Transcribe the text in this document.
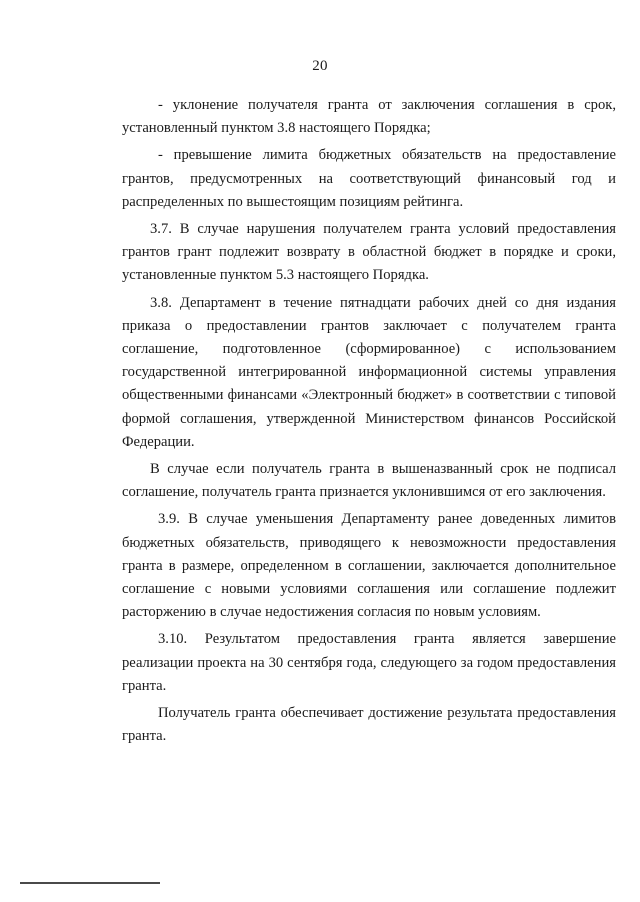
20

- уклонение получателя гранта от заключения соглашения в срок, установленный пунктом 3.8 настоящего Порядка;

- превышение лимита бюджетных обязательств на предоставление грантов, предусмотренных на соответствующий финансовый год и распределенных по вышестоящим позициям рейтинга.

3.7. В случае нарушения получателем гранта условий предоставления грантов грант подлежит возврату в областной бюджет в порядке и сроки, установленные пунктом 5.3 настоящего Порядка.

3.8. Департамент в течение пятнадцати рабочих дней со дня издания приказа о предоставлении грантов заключает с получателем гранта соглашение, подготовленное (сформированное) с использованием государственной интегрированной информационной системы управления общественными финансами «Электронный бюджет» в соответствии с типовой формой соглашения, утвержденной Министерством финансов Российской Федерации.

В случае если получатель гранта в вышеназванный срок не подписал соглашение, получатель гранта признается уклонившимся от его заключения.

3.9. В случае уменьшения Департаменту ранее доведенных лимитов бюджетных обязательств, приводящего к невозможности предоставления гранта в размере, определенном в соглашении, заключается дополнительное соглашение с новыми условиями соглашения или соглашение подлежит расторжению в случае недостижения согласия по новым условиям.

3.10. Результатом предоставления гранта является завершение реализации проекта на 30 сентября года, следующего за годом предоставления гранта.

Получатель гранта обеспечивает достижение результата предоставления гранта.
